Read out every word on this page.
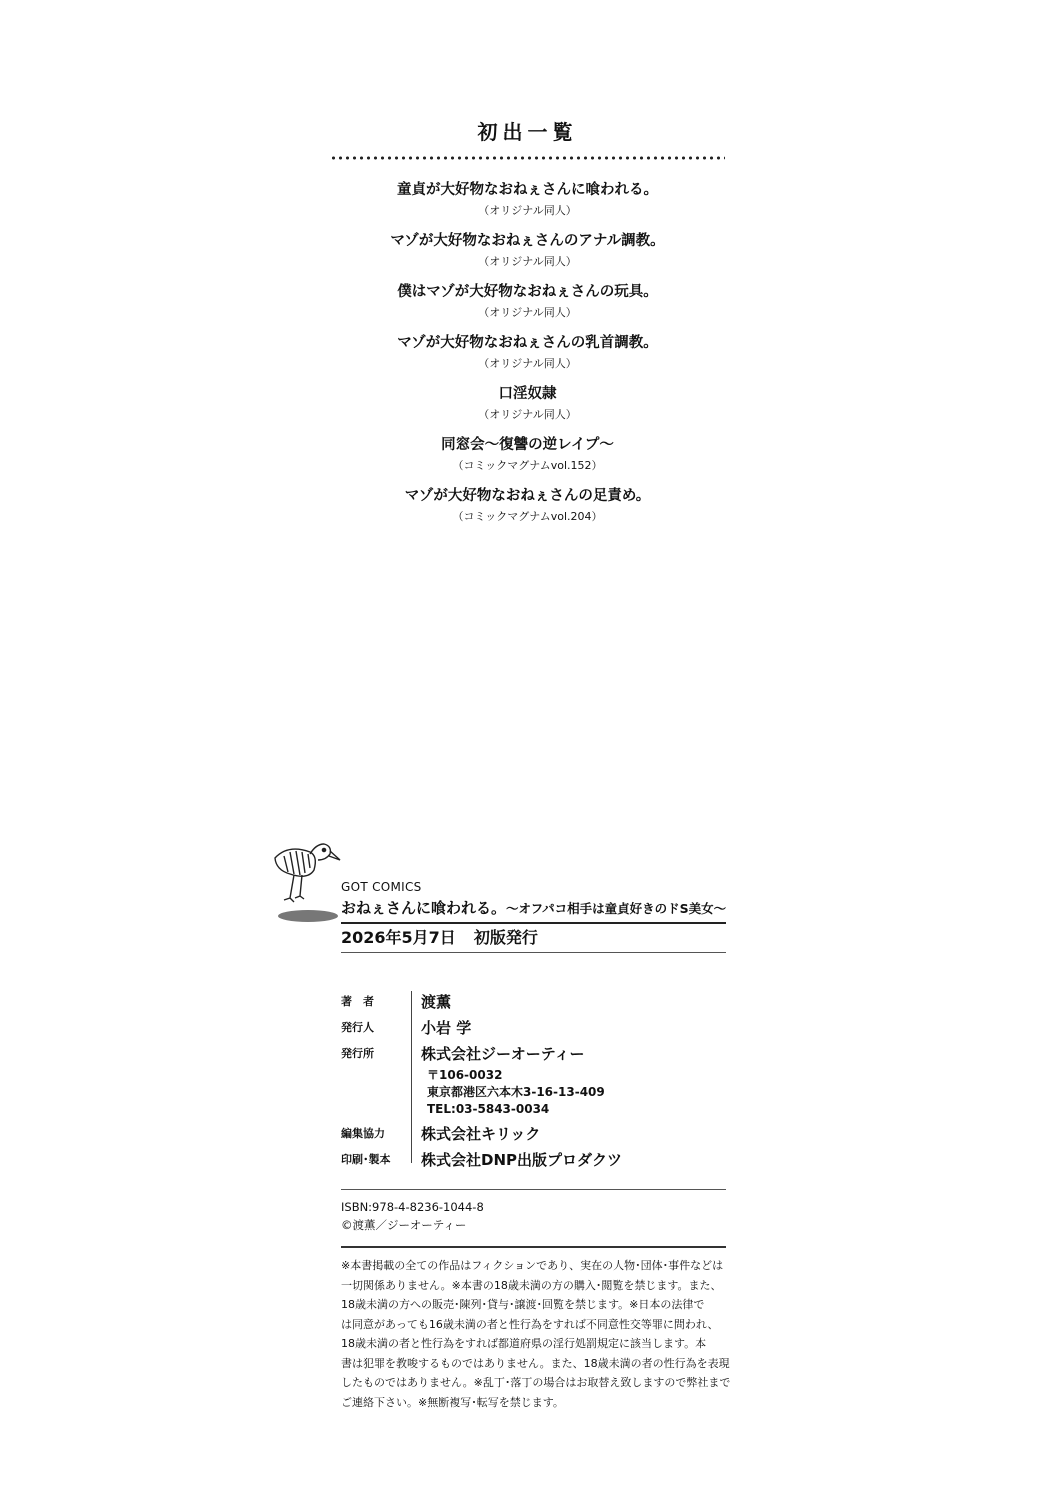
初出一覧
童貞が大好物なおねぇさんに喰われる。
（オリジナル同人）
マゾが大好物なおねぇさんのアナル調教。
（オリジナル同人）
僕はマゾが大好物なおねぇさんの玩具。
（オリジナル同人）
マゾが大好物なおねぇさんの乳首調教。
（オリジナル同人）
口淫奴隷
（オリジナル同人）
同窓会～復讐の逆レイプ～
（コミックマグナムvol.152）
マゾが大好物なおねぇさんの足責め。
（コミックマグナムvol.204）
GOT COMICS
おねぇさんに喰われる。～オフパコ相手は童貞好きのドS美女～
2026年5月7日 初版発行
著　者	渡薫
発行人	小岩 学
発行所	株式会社ジーオーティー
〒106-0032
東京都港区六本木3-16-13-409
TEL:03-5843-0034
編集協力	株式会社キリック
印刷･製本	株式会社DNP出版プロダクツ
ISBN:978-4-8236-1044-8
©渡薫／ジーオーティー
※本書掲載の全ての作品はフィクションであり、実在の人物･団体･事件などは
一切関係ありません。※本書の18歳未満の方の購入･閲覧を禁じます。また、
18歳未満の方への販売･陳列･貸与･譲渡･回覧を禁じます。※日本の法律で
は同意があっても16歳未満の者と性行為をすれば不同意性交等罪に問われ、
18歳未満の者と性行為をすれば都道府県の淫行処罰規定に該当します。本
書は犯罪を教唆するものではありません。また、18歳未満の者の性行為を表現
したものではありません。※乱丁･落丁の場合はお取替え致しますので弊社まで
ご連絡下さい。※無断複写･転写を禁じます。
